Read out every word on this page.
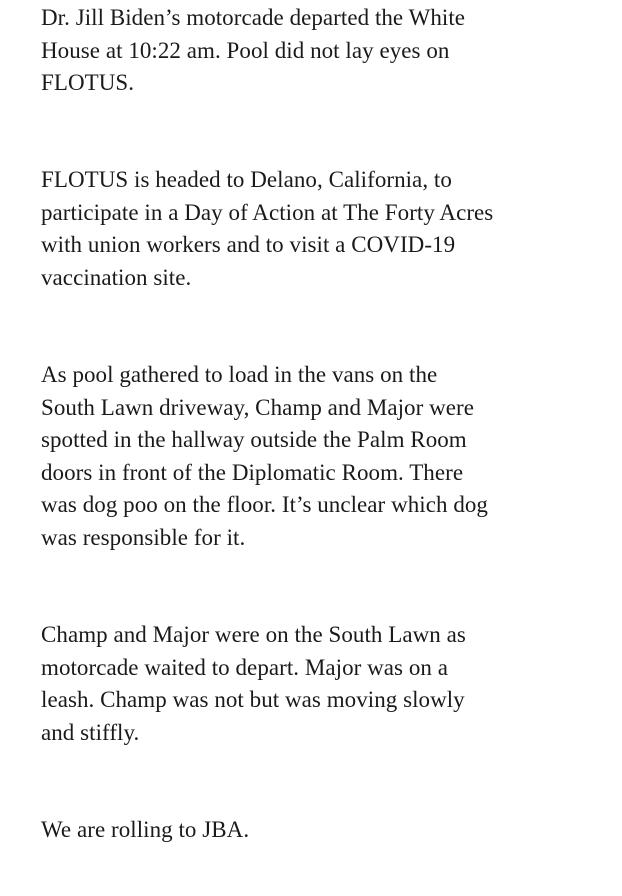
Dr. Jill Biden’s motorcade departed the White
House at 10:22 am. Pool did not lay eyes on
FLOTUS.

FLOTUS is headed to Delano, California, to
participate in a Day of Action at The Forty Acres
with union workers and to visit a COVID-19
vaccination site.

As pool gathered to load in the vans on the
South Lawn driveway, Champ and Major were
spotted in the hallway outside the Palm Room
doors in front of the Diplomatic Room. There
was dog poo on the floor. It’s unclear which dog
was responsible for it.

Champ and Major were on the South Lawn as
motorcade waited to depart. Major was on a
leash. Champ was not but was moving slowly
and stiffly.

We are rolling to JBA.
